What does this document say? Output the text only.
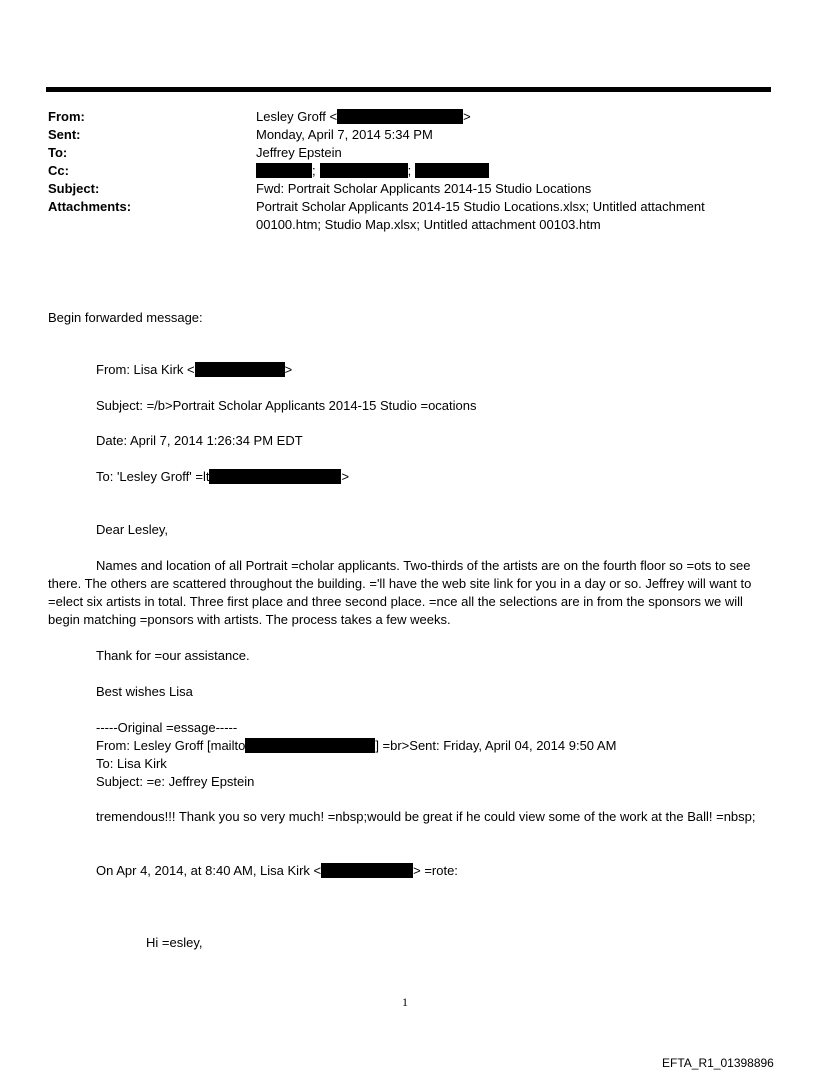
From:	Lesley Groff <	>
Sent:	Monday, April 7, 2014 5:34 PM
To:	Jeffrey Epstein
Cc:	;	;
Subject:	Fwd: Portrait Scholar Applicants 2014-15 Studio Locations
Attachments:	Portrait Scholar Applicants 2014-15 Studio Locations.xlsx; Untitled attachment
00100.htm; Studio Map.xlsx; Untitled attachment 00103.htm
Begin forwarded message:
From: Lisa Kirk <	>
Subject: =/b>Portrait Scholar Applicants 2014-15 Studio =ocations
Date: April 7, 2014 1:26:34 PM EDT
To: 'Lesley Groff' =lt	>
Dear Lesley,
Names and location of all Portrait =cholar applicants. Two-thirds of the artists are on the fourth floor so =ots to see there. The others are scattered throughout the building. ='ll have the web site link for you in a day or so. Jeffrey will want to =elect six artists in total. Three first place and three second place. =nce all the selections are in from the sponsors we will begin matching =ponsors with artists. The process takes a few weeks.
Thank for =our assistance.
Best wishes Lisa
-----Original =essage-----
From: Lesley Groff [mailto	] =br>Sent: Friday, April 04, 2014 9:50 AM
To: Lisa Kirk
Subject: =e: Jeffrey Epstein
tremendous!!! Thank you so very much! =nbsp;would be great if he could view some of the work at the Ball! =nbsp;
On Apr 4, 2014, at 8:40 AM, Lisa Kirk <	> =rote:
Hi =esley,
1
EFTA_R1_01398896
